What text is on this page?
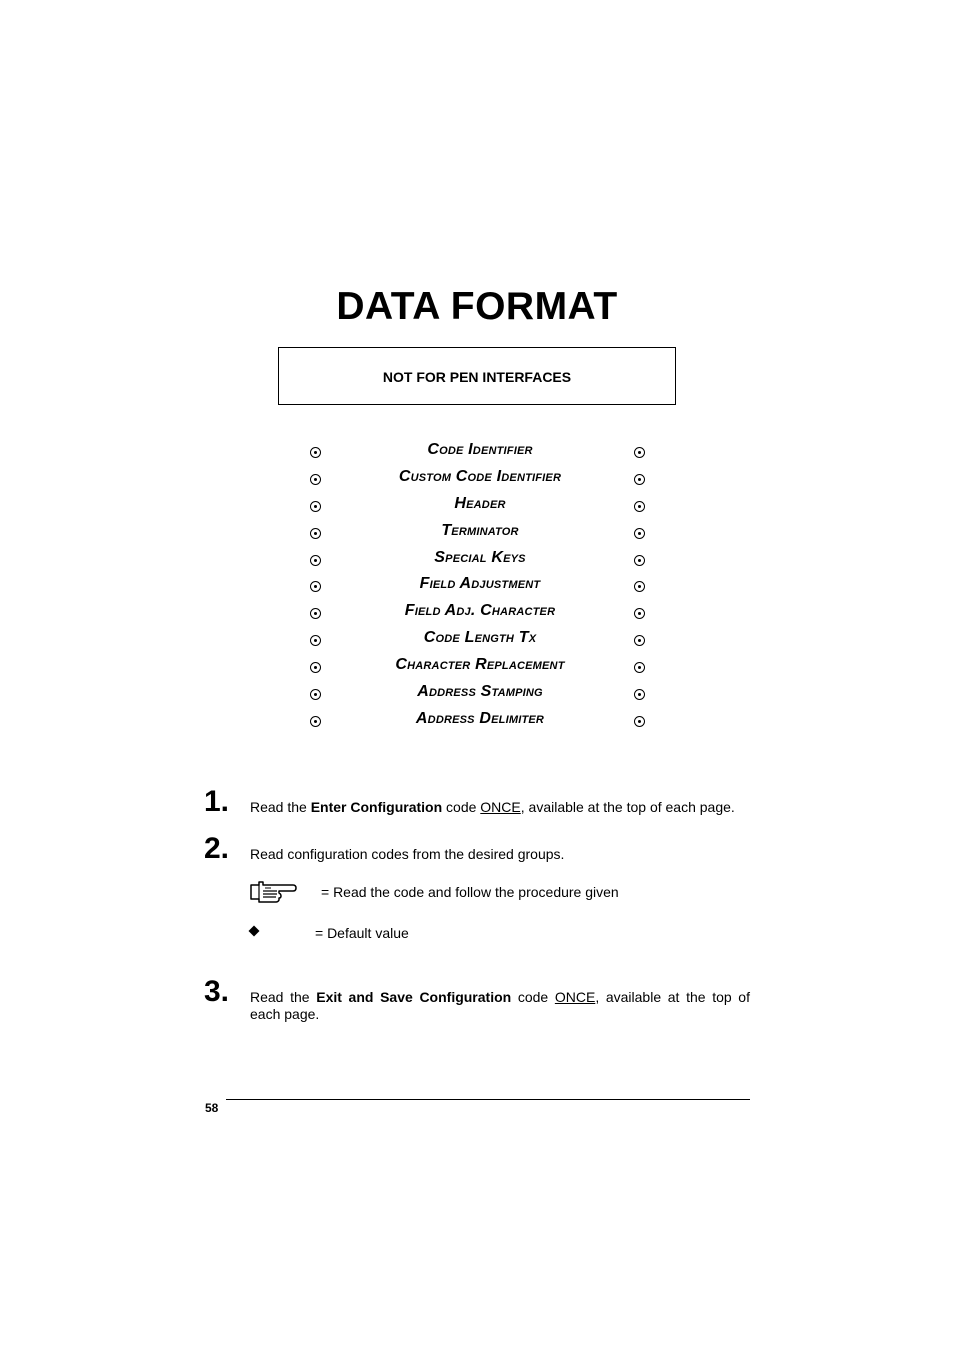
DATA FORMAT
NOT FOR PEN INTERFACES
Code Identifier
Custom Code Identifier
Header
Terminator
Special Keys
Field Adjustment
Field Adj. Character
Code Length Tx
Character Replacement
Address Stamping
Address Delimiter
1. Read the Enter Configuration code ONCE, available at the top of each page.
2. Read configuration codes from the desired groups.
= Read the code and follow the procedure given
= Default value
3. Read the Exit and Save Configuration code ONCE, available at the top of each page.
58
